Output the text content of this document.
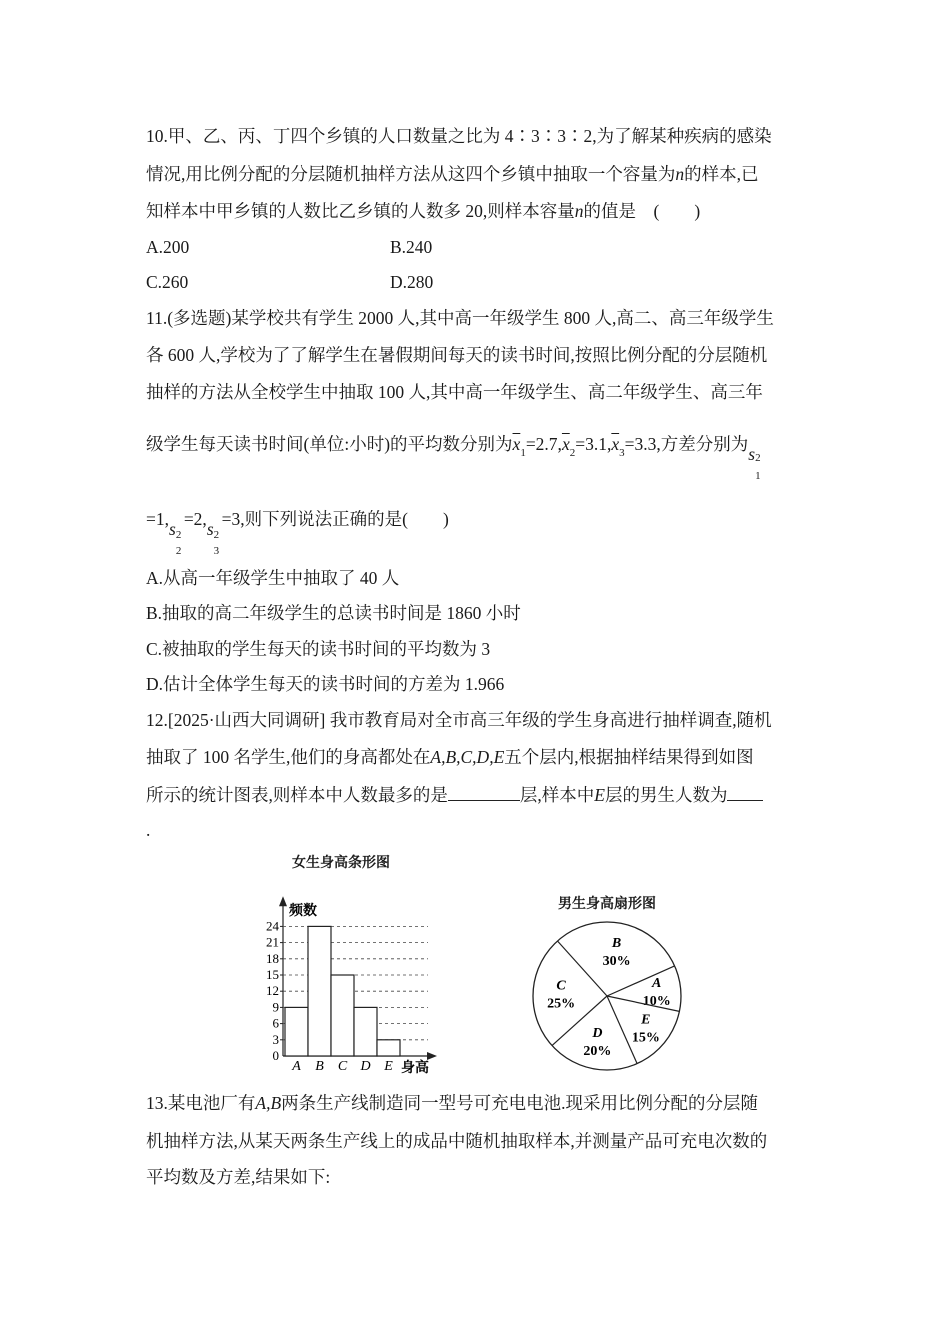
10.甲、乙、丙、丁四个乡镇的人口数量之比为 4∶3∶3∶2,为了解某种疾病的感染
情况,用比例分配的分层随机抽样方法从这四个乡镇中抽取一个容量为n的样本,已
知样本中甲乡镇的人数比乙乡镇的人数多 20,则样本容量n的值是　(　　)
A.200	B.240
C.260	D.280
11.(多选题)某学校共有学生 2000 人,其中高一年级学生 800 人,高二、高三年级学生
各 600 人,学校为了了解学生在暑假期间每天的读书时间,按照比例分配的分层随机
抽样的方法从全校学生中抽取 100 人,其中高一年级学生、高二年级学生、高三年
级学生每天读书时间(单位:小时)的平均数分别为$\overline{x}_1=2.7,\overline{x}_2=3.1,\overline{x}_3=3.3$,方差分别为s 2
1
=1,s 2
2
=2,s 2
3
=3,则下列说法正确的是(　　)
A.从高一年级学生中抽取了 40 人
B.抽取的高二年级学生的总读书时间是 1860 小时
C.被抽取的学生每天的读书时间的平均数为 3
D.估计全体学生每天的读书时间的方差为 1.966
12.[2025·山西大同调研] 我市教育局对全市高三年级的学生身高进行抽样调查,随机
抽取了 100 名学生,他们的身高都处在A,B,C,D,E五个层内,根据抽样结果得到如图
所示的统计图表,则样本中人数最多的是	层,样本中E层的男生人数为
.
女生身高条形图
频数
身高
0
3
6
9
12
15
18
21
24
A B C D E
男生身高扇形图
A
10%
E
15%
D
20%
C
25%
B
30%
13.某电池厂有A,B两条生产线制造同一型号可充电电池.现采用比例分配的分层随
机抽样方法,从某天两条生产线上的成品中随机抽取样本,并测量产品可充电次数的
平均数及方差,结果如下:
